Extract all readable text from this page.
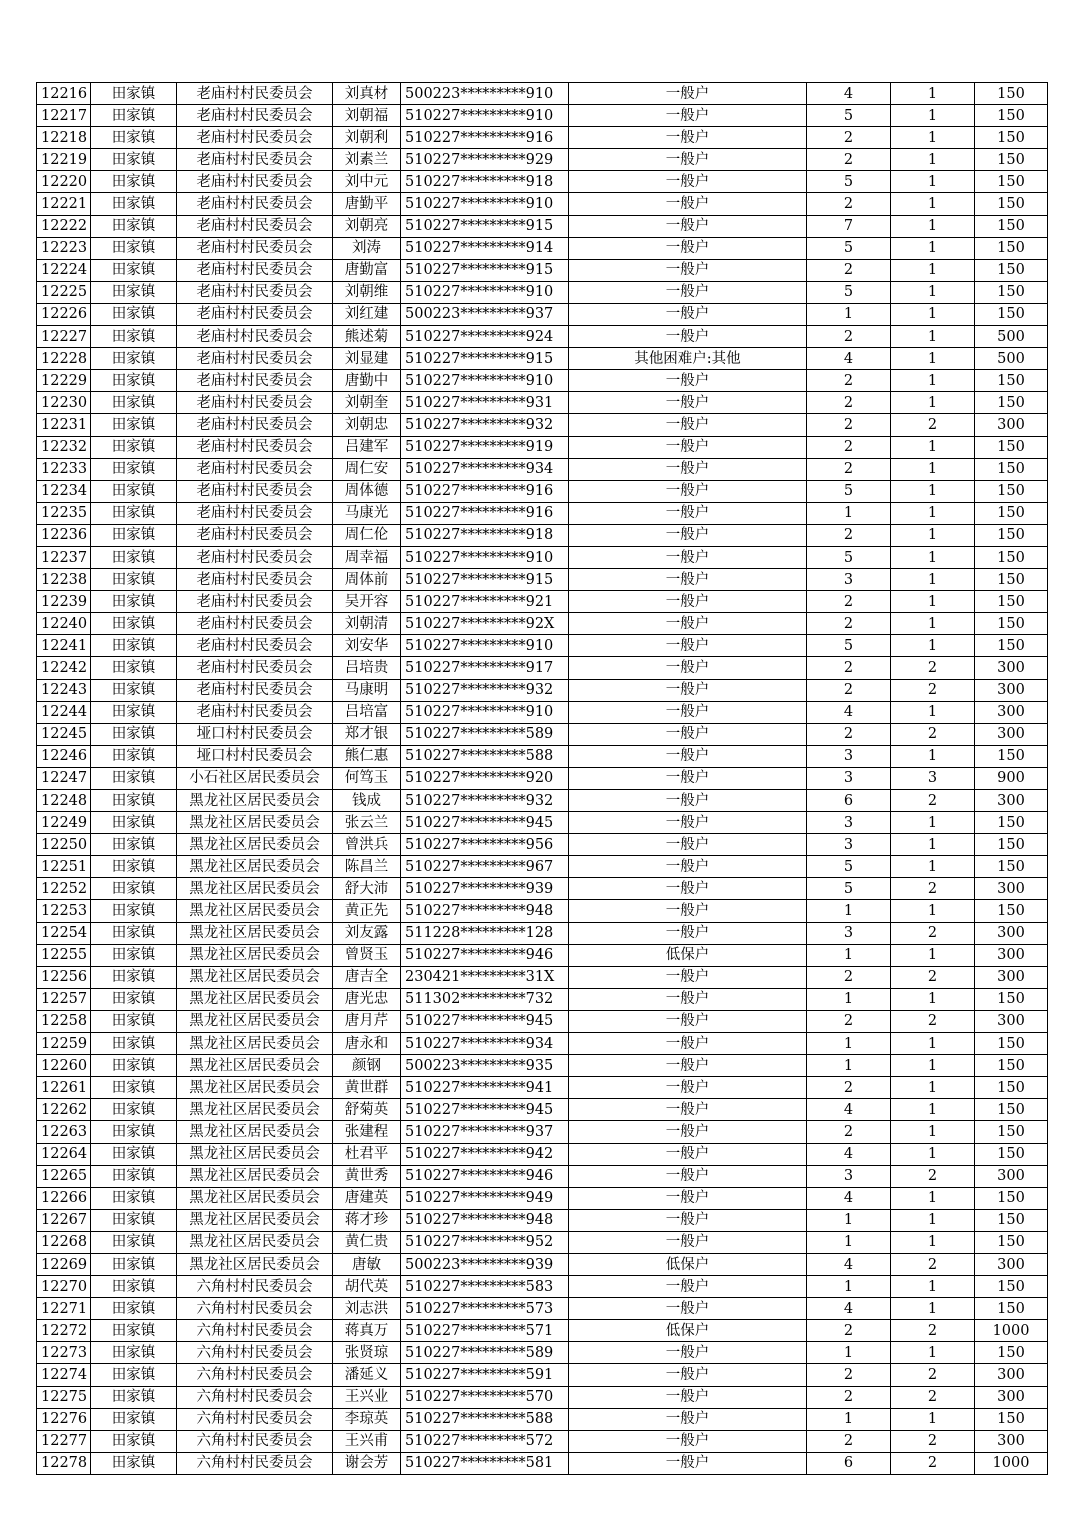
12216	田家镇	老庙村村民委员会	刘真材	500223*********910	一般户	4	1	150
12217	田家镇	老庙村村民委员会	刘朝福	510227*********910	一般户	5	1	150
12218	田家镇	老庙村村民委员会	刘朝利	510227*********916	一般户	2	1	150
12219	田家镇	老庙村村民委员会	刘素兰	510227*********929	一般户	2	1	150
12220	田家镇	老庙村村民委员会	刘中元	510227*********918	一般户	5	1	150
12221	田家镇	老庙村村民委员会	唐勤平	510227*********910	一般户	2	1	150
12222	田家镇	老庙村村民委员会	刘朝亮	510227*********915	一般户	7	1	150
12223	田家镇	老庙村村民委员会	刘涛	510227*********914	一般户	5	1	150
12224	田家镇	老庙村村民委员会	唐勤富	510227*********915	一般户	2	1	150
12225	田家镇	老庙村村民委员会	刘朝维	510227*********910	一般户	5	1	150
12226	田家镇	老庙村村民委员会	刘红建	500223*********937	一般户	1	1	150
12227	田家镇	老庙村村民委员会	熊述菊	510227*********924	一般户	2	1	500
12228	田家镇	老庙村村民委员会	刘显建	510227*********915	其他困难户:其他	4	1	500
12229	田家镇	老庙村村民委员会	唐勤中	510227*********910	一般户	2	1	150
12230	田家镇	老庙村村民委员会	刘朝奎	510227*********931	一般户	2	1	150
12231	田家镇	老庙村村民委员会	刘朝忠	510227*********932	一般户	2	2	300
12232	田家镇	老庙村村民委员会	吕建军	510227*********919	一般户	2	1	150
12233	田家镇	老庙村村民委员会	周仁安	510227*********934	一般户	2	1	150
12234	田家镇	老庙村村民委员会	周体德	510227*********916	一般户	5	1	150
12235	田家镇	老庙村村民委员会	马康光	510227*********916	一般户	1	1	150
12236	田家镇	老庙村村民委员会	周仁伦	510227*********918	一般户	2	1	150
12237	田家镇	老庙村村民委员会	周幸福	510227*********910	一般户	5	1	150
12238	田家镇	老庙村村民委员会	周体前	510227*********915	一般户	3	1	150
12239	田家镇	老庙村村民委员会	吴开容	510227*********921	一般户	2	1	150
12240	田家镇	老庙村村民委员会	刘朝清	510227*********92X	一般户	2	1	150
12241	田家镇	老庙村村民委员会	刘安华	510227*********910	一般户	5	1	150
12242	田家镇	老庙村村民委员会	吕培贵	510227*********917	一般户	2	2	300
12243	田家镇	老庙村村民委员会	马康明	510227*********932	一般户	2	2	300
12244	田家镇	老庙村村民委员会	吕培富	510227*********910	一般户	4	1	300
12245	田家镇	垭口村村民委员会	郑才银	510227*********589	一般户	2	2	300
12246	田家镇	垭口村村民委员会	熊仁惠	510227*********588	一般户	3	1	150
12247	田家镇	小石社区居民委员会	何笃玉	510227*********920	一般户	3	3	900
12248	田家镇	黑龙社区居民委员会	钱成	510227*********932	一般户	6	2	300
12249	田家镇	黑龙社区居民委员会	张云兰	510227*********945	一般户	3	1	150
12250	田家镇	黑龙社区居民委员会	曾洪兵	510227*********956	一般户	3	1	150
12251	田家镇	黑龙社区居民委员会	陈昌兰	510227*********967	一般户	5	1	150
12252	田家镇	黑龙社区居民委员会	舒大沛	510227*********939	一般户	5	2	300
12253	田家镇	黑龙社区居民委员会	黄正先	510227*********948	一般户	1	1	150
12254	田家镇	黑龙社区居民委员会	刘友露	511228*********128	一般户	3	2	300
12255	田家镇	黑龙社区居民委员会	曾贤玉	510227*********946	低保户	1	1	300
12256	田家镇	黑龙社区居民委员会	唐吉全	230421*********31X	一般户	2	2	300
12257	田家镇	黑龙社区居民委员会	唐光忠	511302*********732	一般户	1	1	150
12258	田家镇	黑龙社区居民委员会	唐月芹	510227*********945	一般户	2	2	300
12259	田家镇	黑龙社区居民委员会	唐永和	510227*********934	一般户	1	1	150
12260	田家镇	黑龙社区居民委员会	颜钢	500223*********935	一般户	1	1	150
12261	田家镇	黑龙社区居民委员会	黄世群	510227*********941	一般户	2	1	150
12262	田家镇	黑龙社区居民委员会	舒菊英	510227*********945	一般户	4	1	150
12263	田家镇	黑龙社区居民委员会	张建程	510227*********937	一般户	2	1	150
12264	田家镇	黑龙社区居民委员会	杜君平	510227*********942	一般户	4	1	150
12265	田家镇	黑龙社区居民委员会	黄世秀	510227*********946	一般户	3	2	300
12266	田家镇	黑龙社区居民委员会	唐建英	510227*********949	一般户	4	1	150
12267	田家镇	黑龙社区居民委员会	蒋才珍	510227*********948	一般户	1	1	150
12268	田家镇	黑龙社区居民委员会	黄仁贵	510227*********952	一般户	1	1	150
12269	田家镇	黑龙社区居民委员会	唐敏	500223*********939	低保户	4	2	300
12270	田家镇	六角村村民委员会	胡代英	510227*********583	一般户	1	1	150
12271	田家镇	六角村村民委员会	刘志洪	510227*********573	一般户	4	1	150
12272	田家镇	六角村村民委员会	蒋真万	510227*********571	低保户	2	2	1000
12273	田家镇	六角村村民委员会	张贤琼	510227*********589	一般户	1	1	150
12274	田家镇	六角村村民委员会	潘延义	510227*********591	一般户	2	2	300
12275	田家镇	六角村村民委员会	王兴业	510227*********570	一般户	2	2	300
12276	田家镇	六角村村民委员会	李琼英	510227*********588	一般户	1	1	150
12277	田家镇	六角村村民委员会	王兴甫	510227*********572	一般户	2	2	300
12278	田家镇	六角村村民委员会	谢会芳	510227*********581	一般户	6	2	1000
